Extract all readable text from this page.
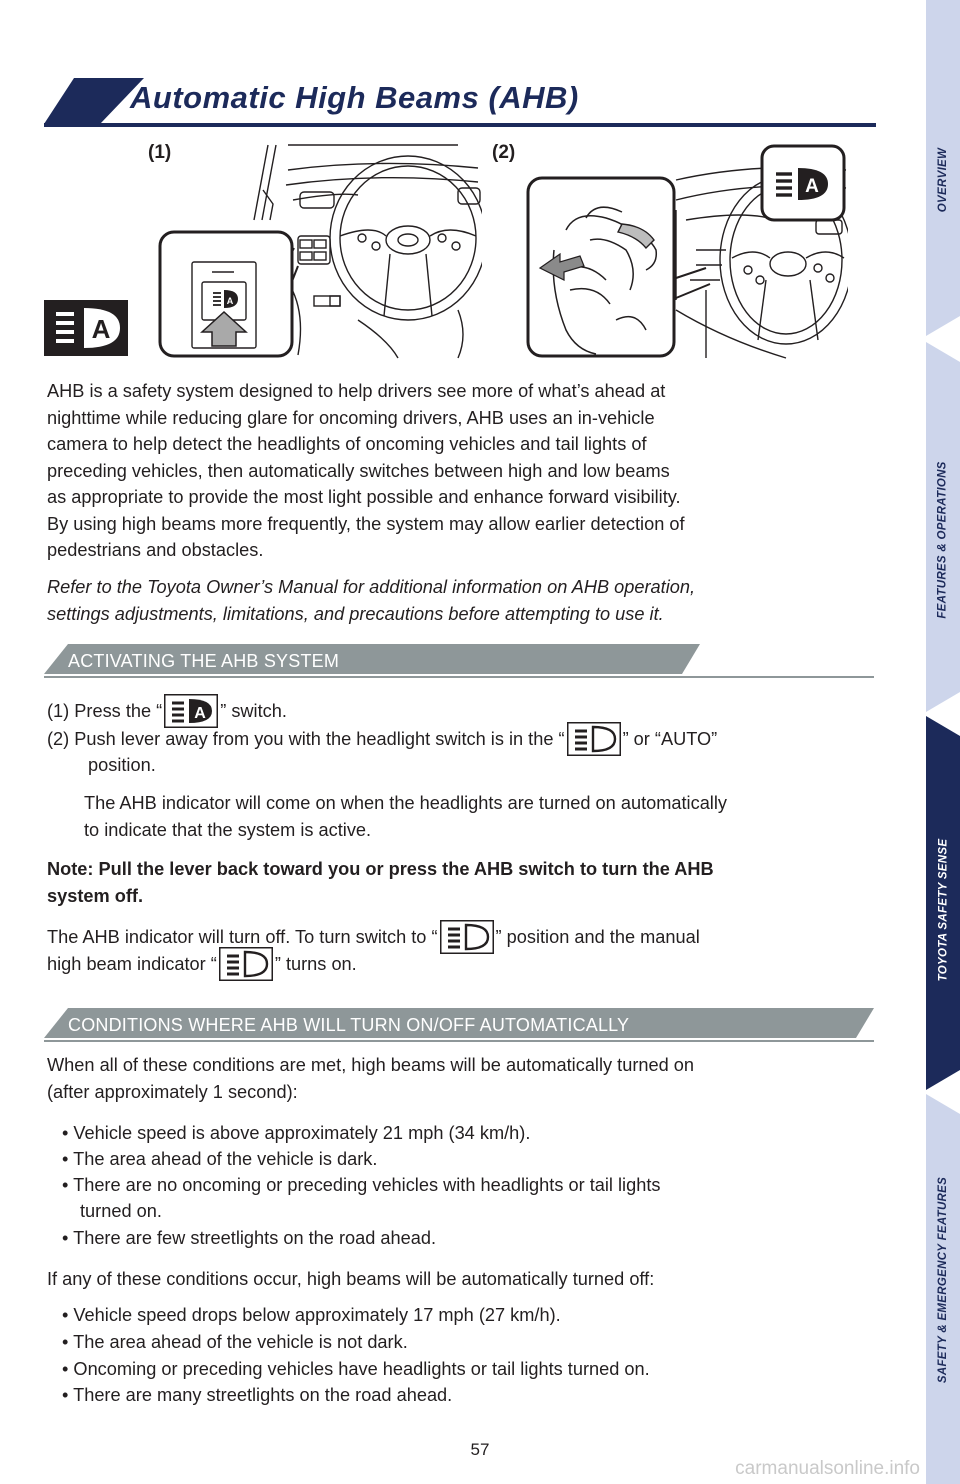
OVERVIEW
FEATURES & OPERATIONS
TOYOTA SAFETY SENSE
SAFETY & EMERGENCY FEATURES
Automatic High Beams (AHB)
(1)	(2)
A
A
A
AHB is a safety system designed to help drivers see more of what’s ahead at
nighttime while reducing glare for oncoming drivers, AHB uses an in-vehicle
camera to help detect the headlights of oncoming vehicles and tail lights of
preceding vehicles, then automatically switches between high and low beams
as appropriate to provide the most light possible and enhance forward visibility.
By using high beams more frequently, the system may allow earlier detection of
pedestrians and obstacles.
Refer to the Toyota Owner’s Manual for additional information on AHB operation,
settings adjustments, limitations, and precautions before attempting to use it.
ACTIVATING THE AHB SYSTEM
(1) Press the “ A ” switch.
(2) Push lever away from you with the headlight switch is in the “	” or “AUTO”
position.
The AHB indicator will come on when the headlights are turned on automatically
to indicate that the system is active.
Note: Pull the lever back toward you or press the AHB switch to turn the AHB
system off.
The AHB indicator will turn off. To turn switch to “	” position and the manual
high beam indicator “	” turns on.
CONDITIONS WHERE AHB WILL TURN ON/OFF AUTOMATICALLY
When all of these conditions are met, high beams will be automatically turned on
(after approximately 1 second):
• Vehicle speed is above approximately 21 mph (34 km/h).
• The area ahead of the vehicle is dark.
• There are no oncoming or preceding vehicles with headlights or tail lights
turned on.
• There are few streetlights on the road ahead.
If any of these conditions occur, high beams will be automatically turned off:
• Vehicle speed drops below approximately 17 mph (27 km/h).
• The area ahead of the vehicle is not dark.
• Oncoming or preceding vehicles have headlights or tail lights turned on.
• There are many streetlights on the road ahead.
57
carmanualsonline.info
